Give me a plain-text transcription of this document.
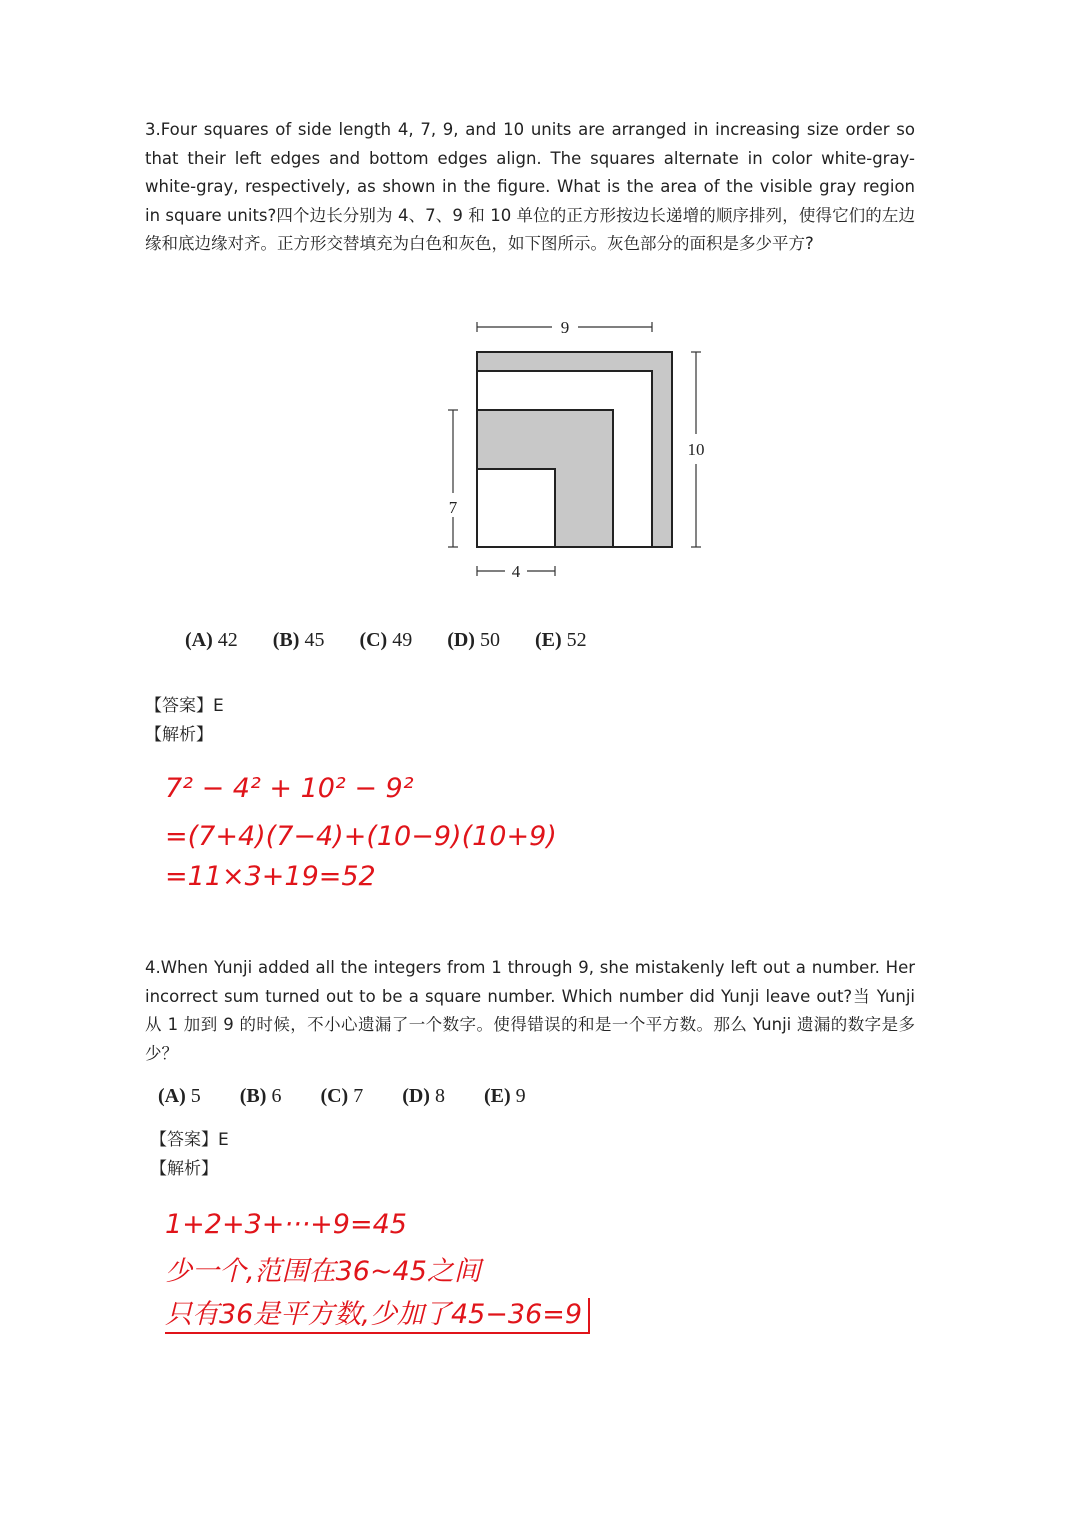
3.Four squares of side length 4, 7, 9, and 10 units are arranged in increasing size order so that their left edges and bottom edges align. The squares alternate in color white-gray-white-gray, respectively, as shown in the figure. What is the area of the visible gray region in square units?四个边长分别为 4、7、9 和 10 单位的正方形按边长递增的顺序排列，使得它们的左边缘和底边缘对齐。正方形交替填充为白色和灰色，如下图所示。灰色部分的面积是多少平方?

9
10
7
4
(A) 42 (B) 45 (C) 49 (D) 50 (E) 52
【答案】E
【解析】
7² − 4² + 10² − 9²
=(7+4)(7−4)+(10−9)(10+9)
=11×3+19=52

4.When Yunji added all the integers from 1 through 9, she mistakenly left out a number. Her incorrect sum turned out to be a square number. Which number did Yunji leave out?当 Yunji 从 1 加到 9 的时候，不小心遗漏了一个数字。使得错误的和是一个平方数。那么 Yunji 遗漏的数字是多少？

(A) 5 (B) 6 (C) 7 (D) 8 (E) 9
【答案】E
【解析】
1+2+3+···+9=45
少一个,范围在36~45之间
只有36是平方数,少加了45−36=9
